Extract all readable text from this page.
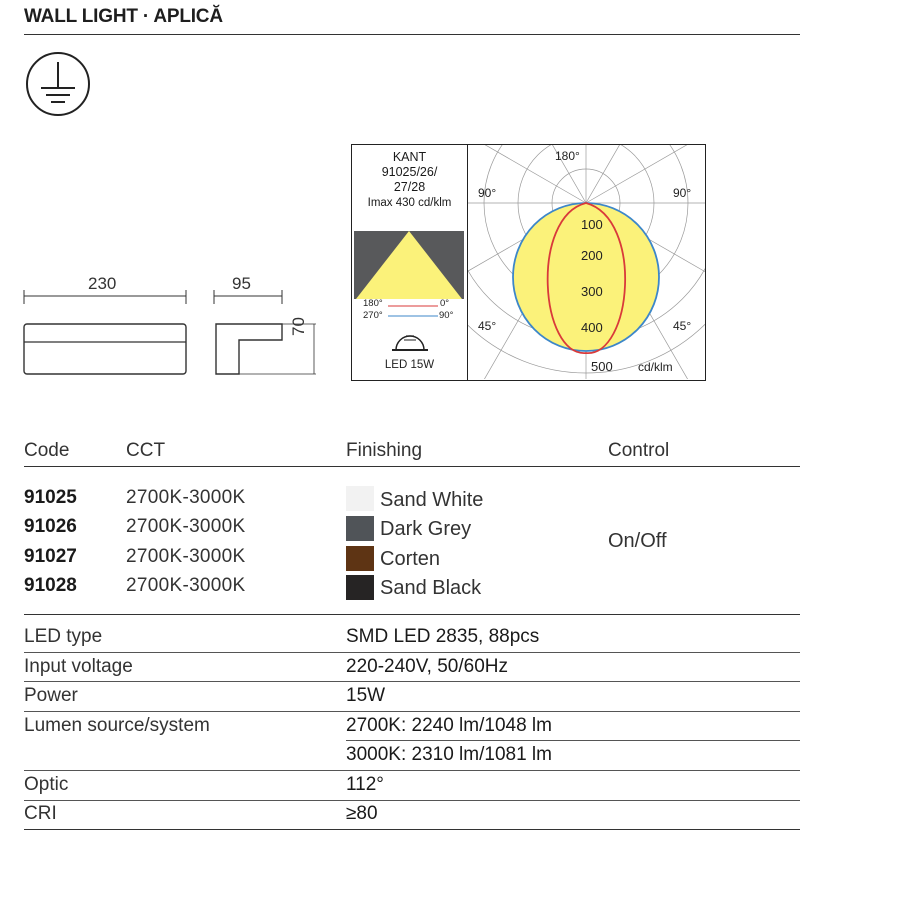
WALL LIGHT · APLICĂ
230	95
70
KANT
91025/26/
27/28
Imax 430 cd/klm
180°	0°
270°	90°
LED 15W
100
200
300
400
500 cd/klm
180°
90°	90°
45°	45°
Code	CCT	Finishing	Control
91025	2700K-3000K	Sand White
91026	2700K-3000K	Dark Grey
91027	2700K-3000K	Corten
91028	2700K-3000K	Sand Black
On/Off
LED type	SMD LED 2835, 88pcs
Input voltage	220-240V, 50/60Hz
Power	15W
Lumen source/system	2700K: 2240 lm/1048 lm
3000K: 2310 lm/1081 lm
Optic	112°
CRI	≥80
